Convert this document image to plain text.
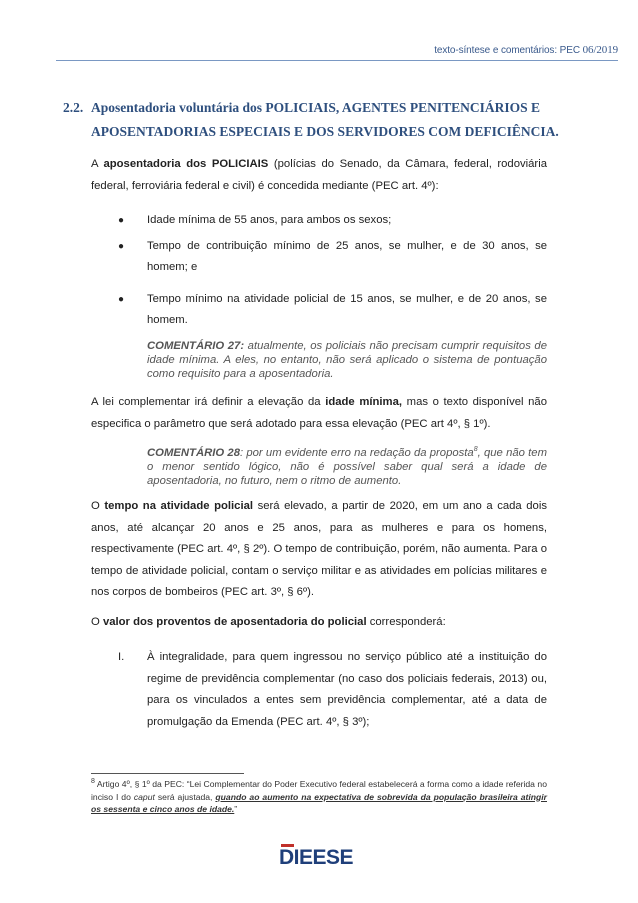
texto-síntese e comentários: PEC 06/2019
2.2. Aposentadoria voluntária dos POLICIAIS, AGENTES PENITENCIÁRIOS E APOSENTADORIAS ESPECIAIS E DOS SERVIDORES COM DEFICIÊNCIA.
A aposentadoria dos POLICIAIS (polícias do Senado, da Câmara, federal, rodoviária federal, ferroviária federal e civil) é concedida mediante (PEC art. 4º):
● Idade mínima de 55 anos, para ambos os sexos;
● Tempo de contribuição mínimo de 25 anos, se mulher, e de 30 anos, se homem; e
● Tempo mínimo na atividade policial de 15 anos, se mulher, e de 20 anos, se homem.
COMENTÁRIO 27: atualmente, os policiais não precisam cumprir requisitos de idade mínima. A eles, no entanto, não será aplicado o sistema de pontuação como requisito para a aposentadoria.
A lei complementar irá definir a elevação da idade mínima, mas o texto disponível não especifica o parâmetro que será adotado para essa elevação (PEC art 4º, § 1º).
COMENTÁRIO 28: por um evidente erro na redação da proposta$^8$, que não tem o menor sentido lógico, não é possível saber qual será a idade de aposentadoria, no futuro, nem o ritmo de aumento.
O tempo na atividade policial será elevado, a partir de 2020, em um ano a cada dois anos, até alcançar 20 anos e 25 anos, para as mulheres e para os homens, respectivamente (PEC art. 4º, § 2º). O tempo de contribuição, porém, não aumenta. Para o tempo de atividade policial, contam o serviço militar e as atividades em polícias militares e nos corpos de bombeiros (PEC art. 3º, § 6º).
O valor dos proventos de aposentadoria do policial corresponderá:
I. À integralidade, para quem ingressou no serviço público até a instituição do regime de previdência complementar (no caso dos policiais federais, 2013) ou, para os vinculados a entes sem previdência complementar, até a data de promulgação da Emenda (PEC art. 4º, § 3º);
$^8$ Artigo 4º, § 1º da PEC: “Lei Complementar do Poder Executivo federal estabelecerá a forma como a idade referida no inciso I do caput será ajustada, quando ao aumento na expectativa de sobrevida da população brasileira atingir os sessenta e cinco anos de idade.”
DIEESE
